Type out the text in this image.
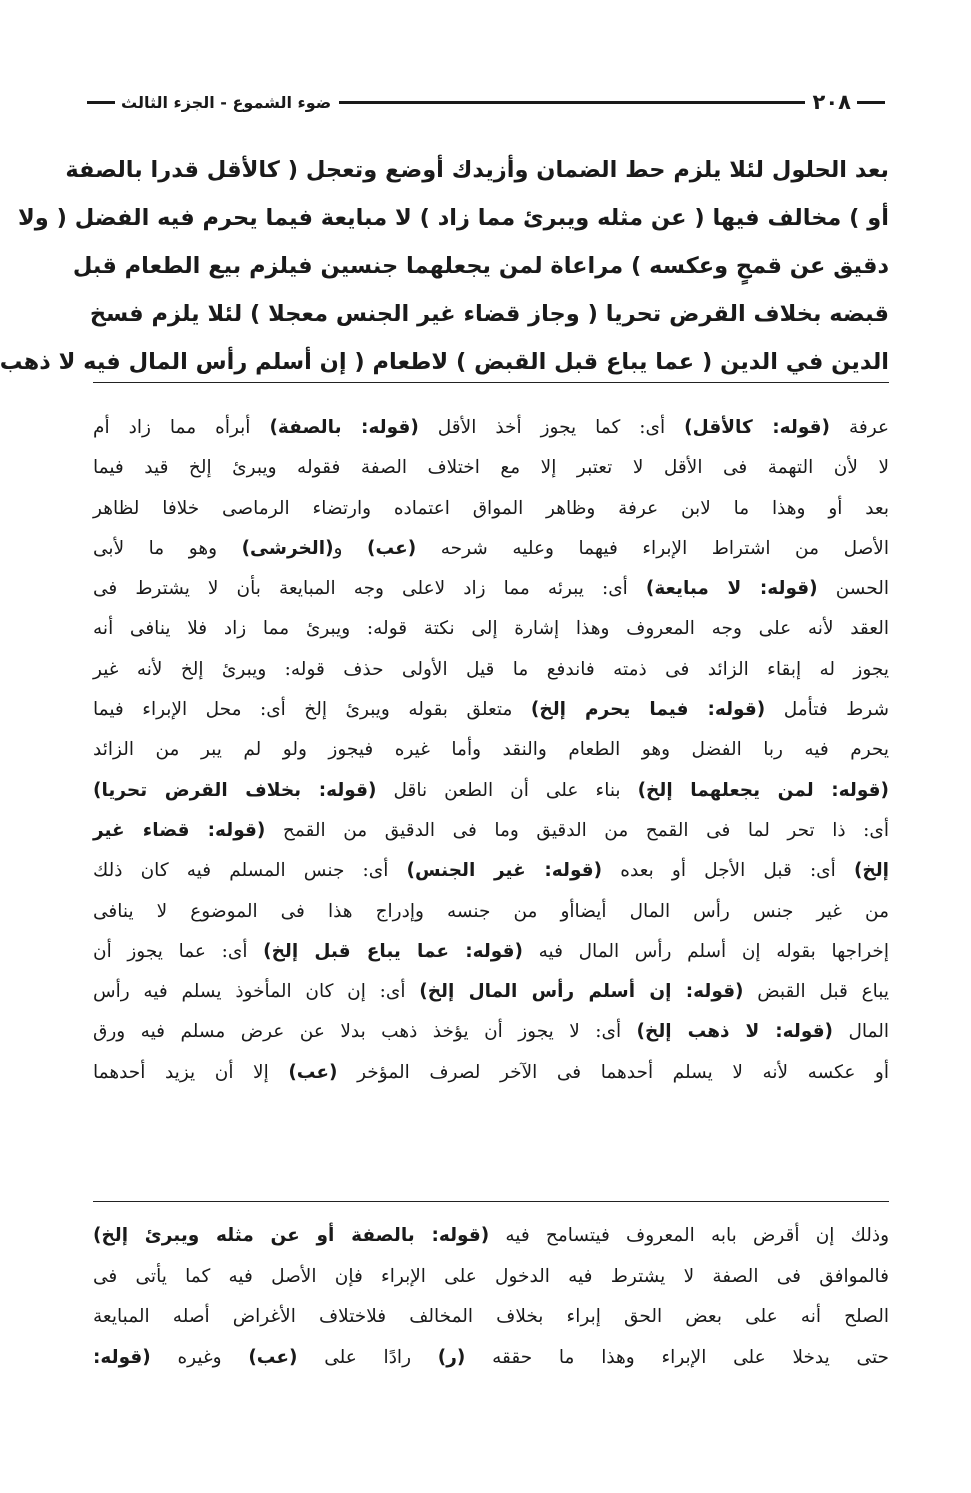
٢٠٨
ضوء الشموع - الجزء الثالث
بعد الحلول لئلا يلزم حط الضمان وأزيدك أوضع وتعجل ( كالأقل قدرا بالصفة
أو ) مخالف فيها ( عن مثله ويبرئ مما زاد ) لا مبايعة فيما يحرم فيه الفضل ( ولا
دقيق عن قمحٍ وعكسه ) مراعاة لمن يجعلهما جنسين فيلزم بيع الطعام قبل
قبضه بخلاف القرض تحريا ( وجاز قضاء غير الجنس معجلا ) لئلا يلزم فسخ
الدين في الدين ( عما يباع قبل القبض ) لاطعام ( إن أسلم رأس المال فيه لا ذهب
عرفة (قوله: كالأقل) أى: كما يجوز أخذ الأقل (قوله: بالصفة) أبرأه مما زاد أم
لا لأن التهمة فى الأقل لا تعتبر إلا مع اختلاف الصفة فقوله ويبرئ إلخ قيد فيما
بعد أو وهذا ما لابن عرفة وظاهر المواق اعتماده وارتضاء الرماصى خلافا لظاهر
الأصل من اشتراط الإبراء فيهما وعليه شرحه (عب) و(الخرشى) وهو ما لأبى
الحسن (قوله: لا مبايعة) أى: يبرئه مما زاد لاعلى وجه المبايعة بأن لا يشترط فى
العقد لأنه على وجه المعروف وهذا إشارة إلى نكتة قوله: ويبرئ مما زاد فلا ينافى أنه
يجوز له إبقاء الزائد فى ذمته فاندفع ما قيل الأولى حذف قوله: ويبرئ إلخ لأنه غير
شرط فتأمل (قوله: فيما يحرم إلخ) متعلق بقوله ويبرئ إلخ أى: محل الإبراء فيما
يحرم فيه ربا الفضل وهو الطعام والنقد وأما غيره فيجوز ولو لم يبر من الزائد
(قوله: لمن يجعلهما إلخ) بناء على أن الطعن ناقل (قوله: بخلاف القرض تحريا)
أى: ذا تحر لما فى القمح من الدقيق وما فى الدقيق من القمح (قوله: قضاء غير
إلخ) أى: قبل الأجل أو بعده (قوله: غير الجنس) أى: جنس المسلم فيه كان ذلك
من غير جنس رأس المال أيضاأو من جنسه وإدراج هذا فى الموضوع لا ينافى
إخراجها بقوله إن أسلم رأس المال فيه (قوله: عما يباع قبل إلخ) أى: عما يجوز أن
يباع قبل القبض (قوله: إن أسلم رأس المال إلخ) أى: إن كان المأخوذ يسلم فيه رأس
المال (قوله: لا ذهب إلخ) أى: لا يجوز أن يؤخذ ذهب بدلا عن عرض مسلم فيه ورق
أو عكسه لأنه لا يسلم أحدهما فى الآخر لصرف المؤخر (عب) إلا أن يزيد أحدهما
وذلك إن أقرض بابه المعروف فيتسامح فيه (قوله: بالصفة أو عن مثله ويبرئ إلخ)
فالموافق فى الصفة لا يشترط فيه الدخول على الإبراء فإن الأصل فيه كما يأتى فى
الصلح أنه على بعض الحق إبراء بخلاف المخالف فلاختلاف الأغراض أصله المبايعة
حتى يدخلا على الإبراء وهذا ما حققه (ر) رادًا على (عب) وغيره (قوله:
